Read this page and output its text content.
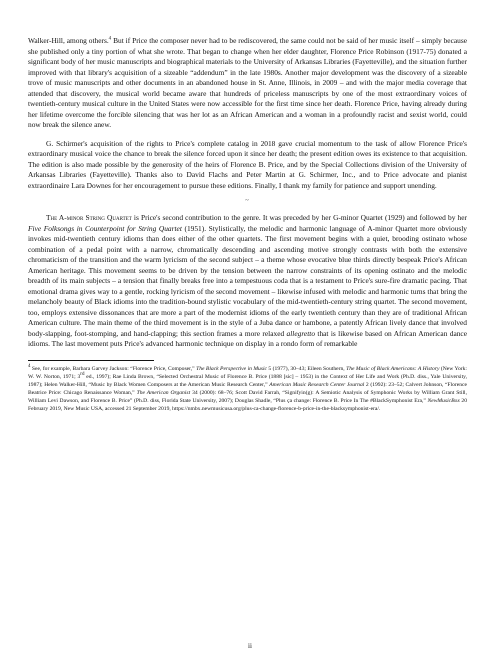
Walker-Hill, among others.$^4$ But if Price the composer never had to be rediscovered, the same could not be said of her music itself – simply because she published only a tiny portion of what she wrote. That began to change when her elder daughter, Florence Price Robinson (1917-75) donated a significant body of her music manuscripts and biographical materials to the University of Arkansas Libraries (Fayetteville), and the situation further improved with that library's acquisition of a sizeable “addendum” in the late 1980s. Another major development was the discovery of a sizeable trove of music manuscripts and other documents in an abandoned house in St. Anne, Illinois, in 2009 – and with the major media coverage that attended that discovery, the musical world became aware that hundreds of priceless manuscripts by one of the most extraordinary voices of twentieth-century musical culture in the United States were now accessible for the first time since her death. Florence Price, having already during her lifetime overcome the forcible silencing that was her lot as an African American and a woman in a profoundly racist and sexist world, could now break the silence anew.

G. Schirmer's acquisition of the rights to Price's complete catalog in 2018 gave crucial momentum to the task of allow Florence Price's extraordinary musical voice the chance to break the silence forced upon it since her death; the present edition owes its existence to that acquisition. The edition is also made possible by the generosity of the heirs of Florence B. Price, and by the Special Collections division of the University of Arkansas Libraries (Fayetteville). Thanks also to David Flachs and Peter Martin at G. Schirmer, Inc., and to Price advocate and pianist extraordinaire Lara Downes for her encouragement to pursue these editions. Finally, I thank my family for patience and support unending.

~

The A-minor String Quartet is Price's second contribution to the genre. It was preceded by her G-minor Quartet (1929) and followed by her Five Folksongs in Counterpoint for String Quartet (1951). Stylistically, the melodic and harmonic language of A-minor Quartet more obviously invokes mid-twentieth century idioms than does either of the other quartets. The first movement begins with a quiet, brooding ostinato whose combination of a pedal point with a narrow, chromatically descending and ascending motive strongly contrasts with both the extensive chromaticism of the transition and the warm lyricism of the second subject – a theme whose evocative blue thirds directly bespeak Price's African American heritage. This movement seems to be driven by the tension between the narrow constraints of its opening ostinato and the melodic breadth of its main subjects – a tension that finally breaks free into a tempestuous coda that is a testament to Price's sure-fire dramatic pacing. That emotional drama gives way to a gentle, rocking lyricism of the second movement – likewise infused with melodic and harmonic turns that bring the melancholy beauty of Black idioms into the tradition-bound stylistic vocabulary of the mid-twentieth-century string quartet. The second movement, too, employs extensive dissonances that are more a part of the modernist idioms of the early twentieth century than they are of traditional African American culture. The main theme of the third movement is in the style of a Juba dance or hambone, a patently African lively dance that involved body-slapping, foot-stomping, and hand-clapping; this section frames a more relaxed allegretto that is likewise based on African American dance idioms. The last movement puts Price's advanced harmonic technique on display in a rondo form of remarkable

$^4$ See, for example, Barbara Garvey Jackson: “Florence Price, Composer,” The Black Perspective in Music 5 (1977), 30–43; Eileen Southern, The Music of Black Americans: A History (New York: W. W. Norton, 1971; 3rd ed., 1997); Rae Linda Brown, “Selected Orchestral Music of Florence B. Price (1888 [sic] – 1953) in the Context of Her Life and Work (Ph.D. diss., Yale University, 1987); Helen Walker-Hill, “Music by Black Women Composers at the American Music Research Center,” American Music Research Center Journal 2 (1992): 23–52; Calvert Johnson, “Florence Beatrice Price: Chicago Renaissance Woman,” The American Organist 34 (2000): 68–76; Scott David Farrah, “Signifyin(g): A Semiotic Analysis of Symphonic Works by William Grant Still, William Levi Dawson, and Florence B. Price” (Ph.D. diss, Florida State University, 2007); Douglas Shadle, “Plus ça change: Florence B. Price In The #BlackSymphonist Era,” NewMusicBox 20 February 2019, New Music USA, accessed 21 September 2019, https://nmbx.newmusicusa.org/plus-ca-change-florence-b-price-in-the-blacksymphonist-era/.

ii
